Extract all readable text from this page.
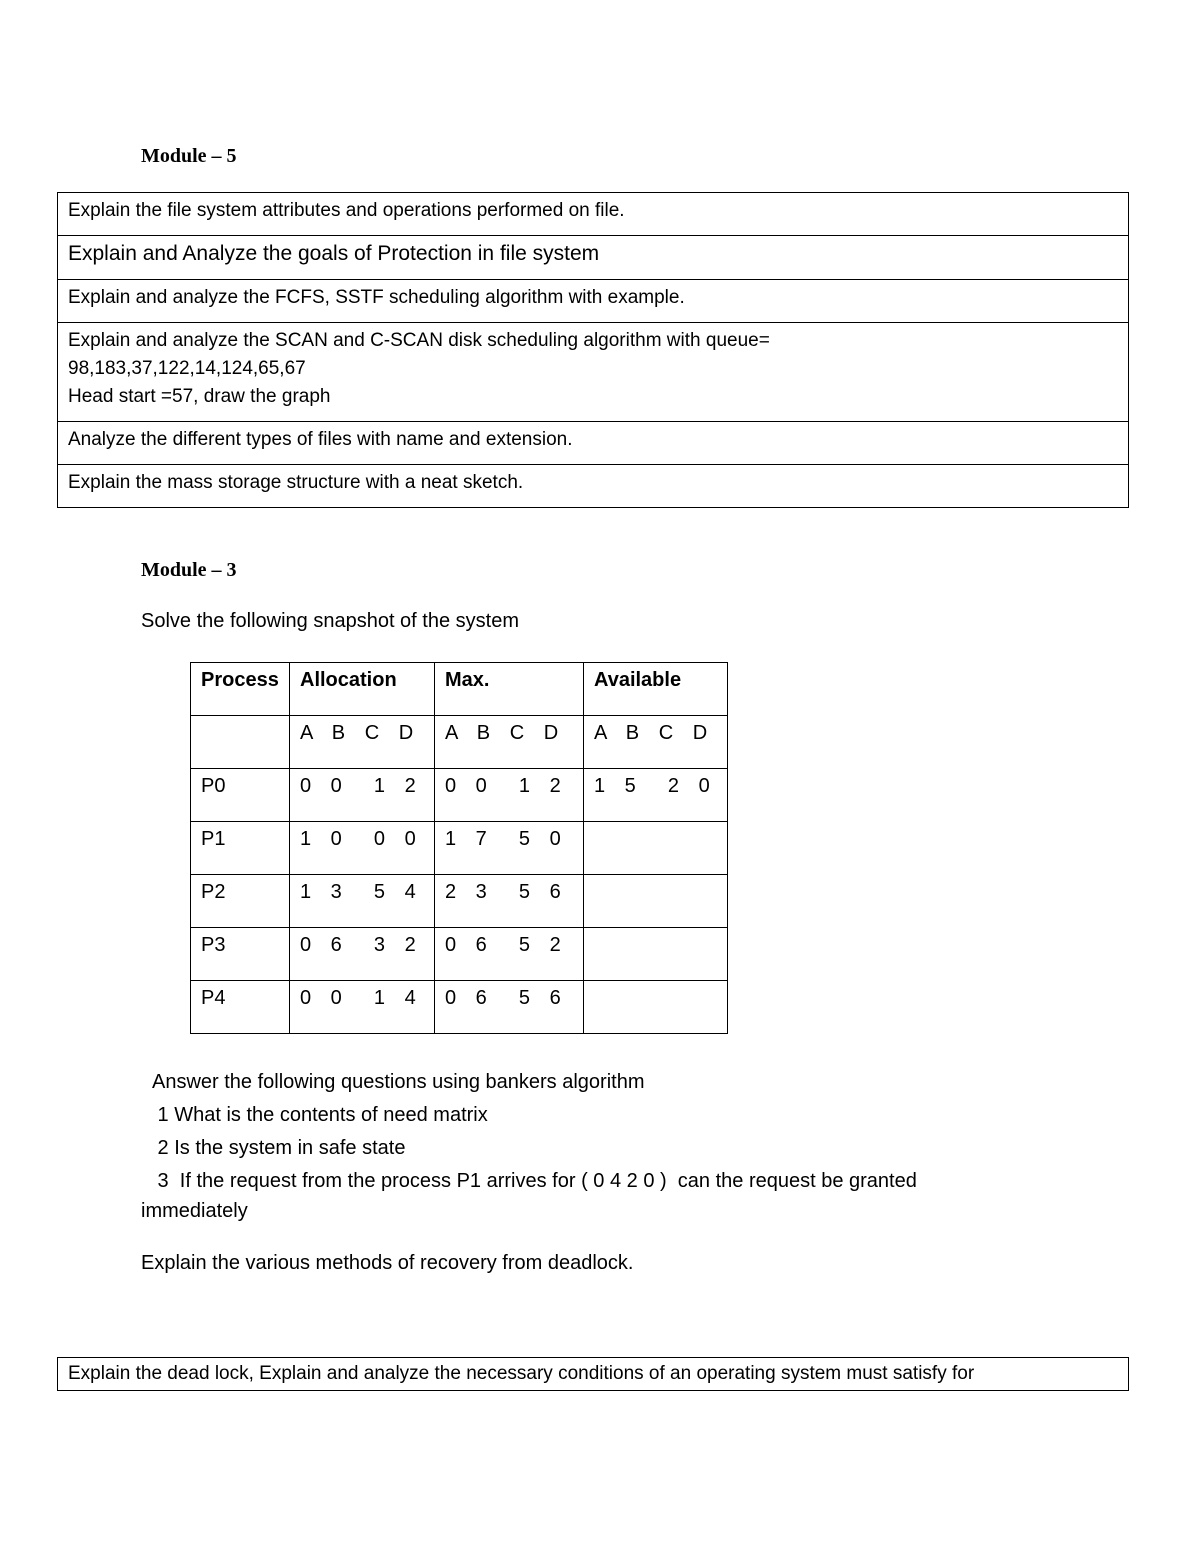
Module – 5
Explain the file system attributes and operations performed on file.
Explain and Analyze the goals of Protection in file system
Explain and analyze the FCFS, SSTF scheduling algorithm with example.

Explain and analyze the SCAN and C-SCAN disk scheduling algorithm with queue=
98,183,37,122,14,124,65,67
Head start =57, draw the graph

Analyze the different types of files with name and extension.
Explain the mass storage structure with a neat sketch.
Module – 3

Solve the following snapshot of the system

Process	Allocation	Max.	Available
	A B C D	A B C D	A B C D
P0	0 0  1 2	0 0  1 2	1 5  2 0
P1	1 0  0 0	1 7  5 0	
P2	1 3  5 4	2 3  5 6	
P3	0 6  3 2	0 6  5 2	
P4	0 0  1 4	0 6  5 6	
Answer the following questions using bankers algorithm
1 What is the contents of need matrix
2 Is the system in safe state
3  If the request from the process P1 arrives for ( 0 4 2 0 )  can the request be granted

immediately

Explain the various methods of recovery from deadlock.

Explain the dead lock, Explain and analyze the necessary conditions of an operating system must satisfy for
